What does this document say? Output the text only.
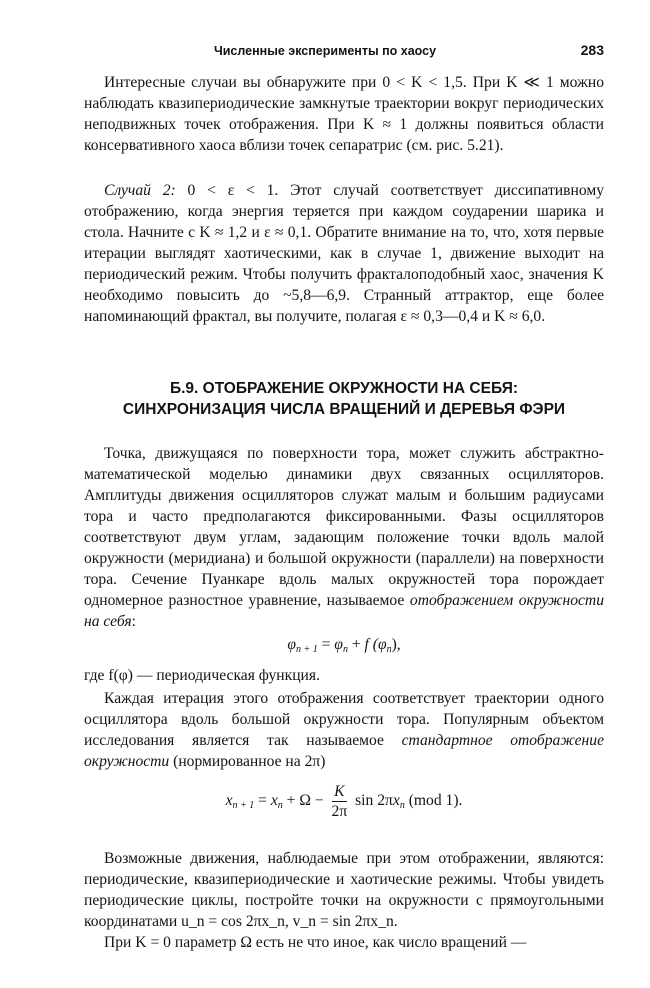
Численные эксперименты по хаосу	283

Интересные случаи вы обнаружите при 0 < K < 1,5. При K ≪ 1 можно наблюдать квазипериодические замкнутые траектории вокруг периодических неподвижных точек отображения. При K ≈ 1 должны появиться области консервативного хаоса вблизи точек сепаратрис (см. рис. 5.21).

Случай 2: 0 < ε < 1. Этот случай соответствует диссипативному отображению, когда энергия теряется при каждом соударении шарика и стола. Начните с K ≈ 1,2 и ε ≈ 0,1. Обратите внимание на то, что, хотя первые итерации выглядят хаотическими, как в случае 1, движение выходит на периодический режим. Чтобы получить фракталоподобный хаос, значения K необходимо повысить до ~5,8—6,9. Странный аттрактор, еще более напоминающий фрактал, вы получите, полагая ε ≈ 0,3—0,4 и K ≈ 6,0.

Б.9. ОТОБРАЖЕНИЕ ОКРУЖНОСТИ НА СЕБЯ:
СИНХРОНИЗАЦИЯ ЧИСЛА ВРАЩЕНИЙ И ДЕРЕВЬЯ ФЭРИ

Точка, движущаяся по поверхности тора, может служить абстрактно-математической моделью динамики двух связанных осцилляторов. Амплитуды движения осцилляторов служат малым и большим радиусами тора и часто предполагаются фиксированными. Фазы осцилляторов соответствуют двум углам, задающим положение точки вдоль малой окружности (меридиана) и большой окружности (параллели) на поверхности тора. Сечение Пуанкаре вдоль малых окружностей тора порождает одномерное разностное уравнение, называемое отображением окружности на себя:

$\varphi_{n + 1} = \varphi_n + f$ $(\varphi_n)$,

где f(φ) — периодическая функция.

Каждая итерация этого отображения соответствует траектории одного осциллятора вдоль большой окружности тора. Популярным объектом исследования является так называемое стандартное отображение окружности (нормированное на 2π)

$x_{n + 1} = x_n + \Omega - \frac{K}{2\pi}$ $\sin 2\pi x_n$ (mod 1).

Возможные движения, наблюдаемые при этом отображении, являются: периодические, квазипериодические и хаотические режимы. Чтобы увидеть периодические циклы, постройте точки на окружности с прямоугольными координатами u_n = cos 2πx_n, v_n = sin 2πx_n.

При K = 0 параметр Ω есть не что иное, как число вращений —
